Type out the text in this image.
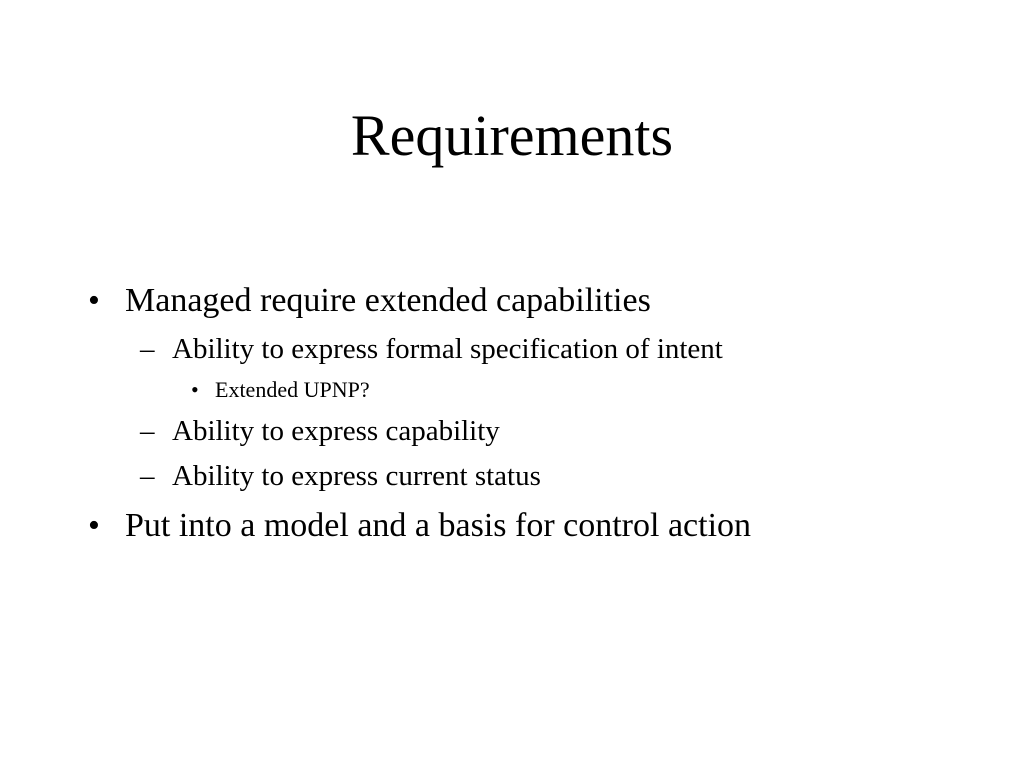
Requirements
• Managed require extended capabilities
– Ability to express formal specification of intent
• Extended UPNP?
– Ability to express capability
– Ability to express current status
• Put into a model and a basis for control action
